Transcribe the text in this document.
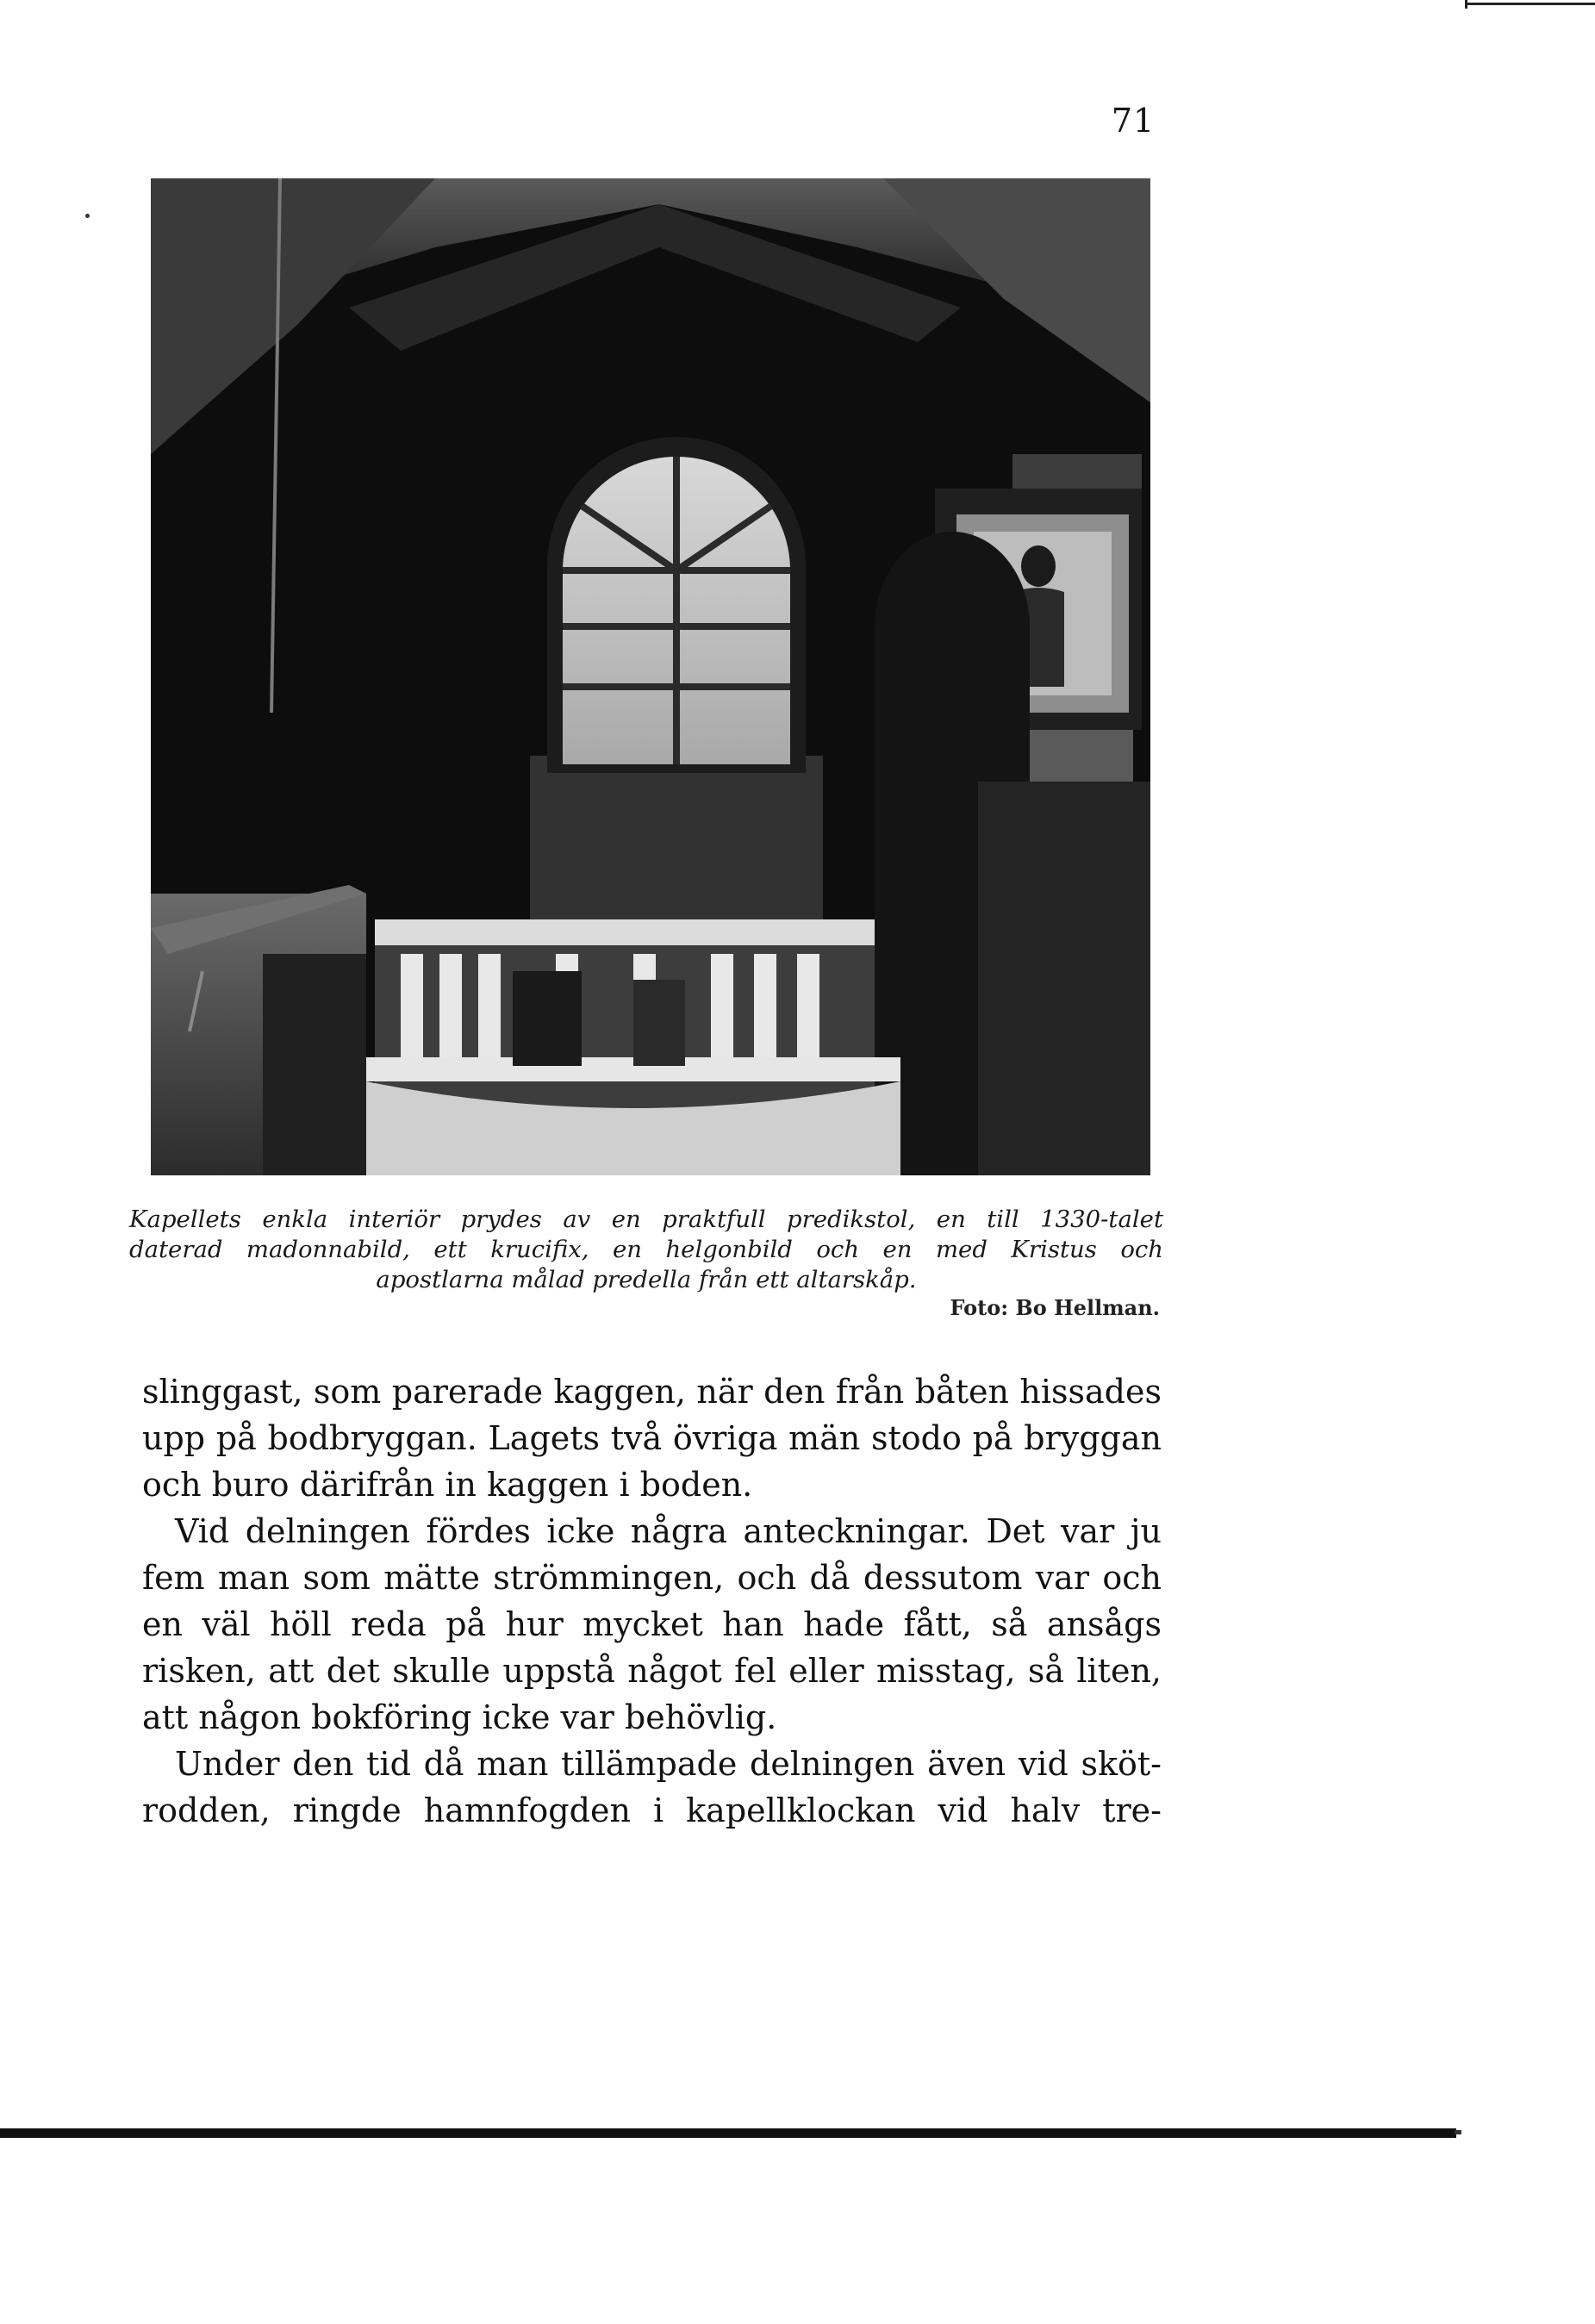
71
Kapellets enkla interiör prydes av en praktfull predikstol, en till 1330-talet
daterad madonnabild, ett krucifix, en helgonbild och en med Kristus och
apostlarna målad predella från ett altarskåp.
Foto: Bo Hellman.
slinggast, som parerade kaggen, när den från båten hissades
upp på bodbryggan. Lagets två övriga män stodo på bryggan
och buro därifrån in kaggen i boden.
Vid delningen fördes icke några anteckningar. Det var ju
fem man som mätte strömmingen, och då dessutom var och
en väl höll reda på hur mycket han hade fått, så ansågs
risken, att det skulle uppstå något fel eller misstag, så liten,
att någon bokföring icke var behövlig.
Under den tid då man tillämpade delningen även vid sköt-
rodden, ringde hamnfogden i kapellklockan vid halv tre-
